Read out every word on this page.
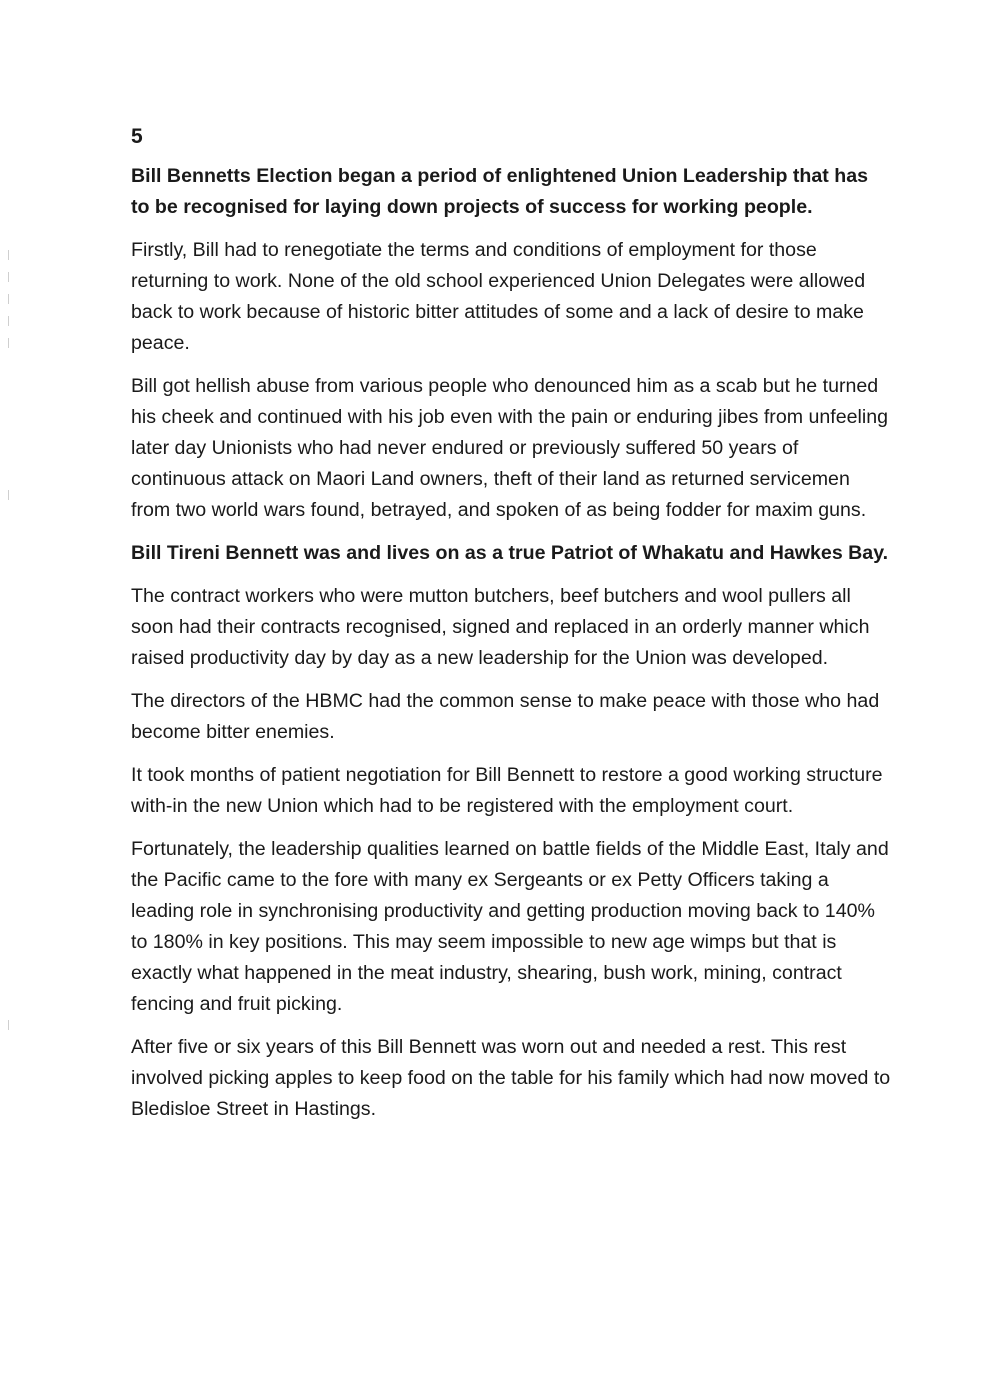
5

Bill Bennetts Election began a period of enlightened Union Leadership that has to be recognised for laying down projects of success for working people.

Firstly, Bill had to renegotiate the terms and conditions of employment for those returning to work. None of the old school experienced Union Delegates were allowed back to work because of historic bitter attitudes of some and a lack of desire to make peace.

Bill got hellish abuse from various people who denounced him as a scab but he turned his cheek and continued with his job even with the pain or enduring jibes from unfeeling later day Unionists who had never endured or previously suffered 50 years of continuous attack on Maori Land owners, theft of their land as returned servicemen from two world wars found, betrayed, and spoken of as being fodder for maxim guns.

Bill Tireni Bennett was and lives on as a true Patriot of Whakatu and Hawkes Bay.

The contract workers who were mutton butchers, beef butchers and wool pullers all soon had their contracts recognised, signed and replaced in an orderly manner which raised productivity day by day as a new leadership for the Union was developed.

The directors of the HBMC had the common sense to make peace with those who had become bitter enemies.

It took months of patient negotiation for Bill Bennett to restore a good working structure with-in the new Union which had to be registered with the employment court.

Fortunately, the leadership qualities learned on battle fields of the Middle East, Italy and the Pacific came to the fore with many ex Sergeants or ex Petty Officers taking a leading role in synchronising productivity and getting production moving back to 140% to 180% in key positions. This may seem impossible to new age wimps but that is exactly what happened in the meat industry, shearing, bush work, mining, contract fencing and fruit picking.

After five or six years of this Bill Bennett was worn out and needed a rest. This rest involved picking apples to keep food on the table for his family which had now moved to Bledisloe Street in Hastings.
